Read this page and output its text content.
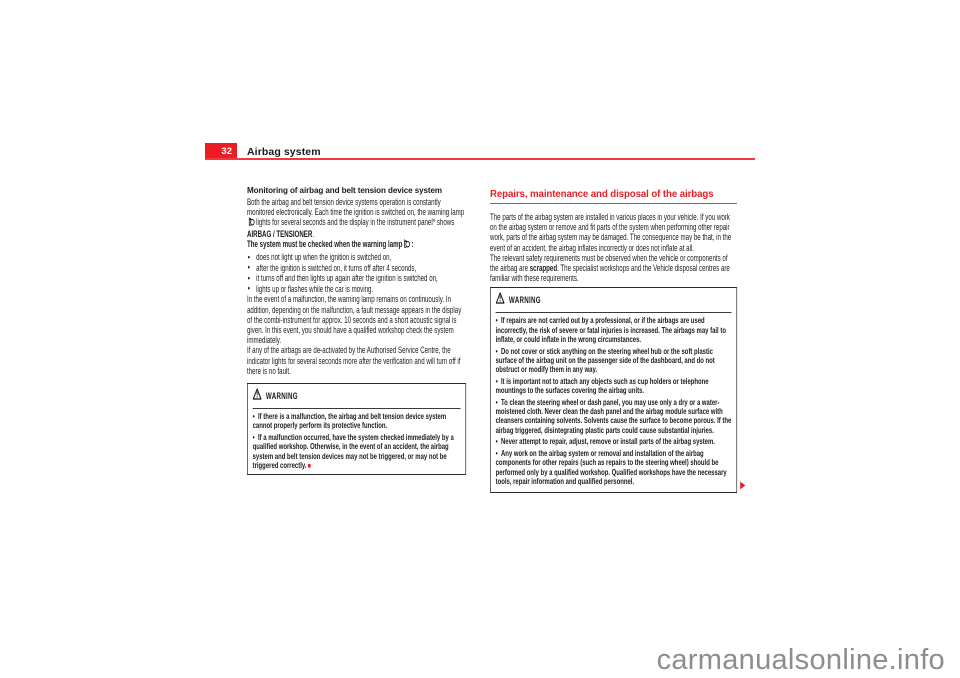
32	Airbag system
Monitoring of airbag and belt tension device system

Both the airbag and belt tension device systems operation is constantly monitored electronically. Each time the ignition is switched on, the warning lamplights for several seconds and the display in the instrument panel* shows AIRBAG / TENSIONER.

The system must be checked when the warning lamp :

• does not light up when the ignition is switched on,
• after the ignition is switched on, it turns off after 4 seconds,
• it turns off and then lights up again after the ignition is switched on,
• lights up or flashes while the car is moving.

In the event of a malfunction, the warning lamp remains on continuously. In addition, depending on the malfunction, a fault message appears in the display of the combi-instrument for approx. 10 seconds and a short acoustic signal is given. In this event, you should have a qualified workshop check the system immediately.

If any of the airbags are de-activated by the Authorised Service Centre, the indicator lights for several seconds more after the verification and will turn off if there is no fault.

WARNING

•  If there is a malfunction, the airbag and belt tension device system cannot properly perform its protective function.

•  If a malfunction occurred, have the system checked immediately by a qualified workshop. Otherwise, in the event of an accident, the airbag system and belt tension devices may not be triggered, or may not be triggered correctly.■

Repairs, maintenance and disposal of the airbags

The parts of the airbag system are installed in various places in your vehicle. If you work on the airbag system or remove and fit parts of the system when performing other repair work, parts of the airbag system may be damaged. The consequence may be that, in the event of an accident, the airbag inflates incorrectly or does not inflate at all.

The relevant safety requirements must be observed when the vehicle or components of the airbag are scrapped. The specialist workshops and the Vehicle disposal centres are familiar with these requirements.

WARNING

•  If repairs are not carried out by a professional, or if the airbags are used incorrectly, the risk of severe or fatal injuries is increased. The airbags may fail to inflate, or could inflate in the wrong circumstances.

•  Do not cover or stick anything on the steering wheel hub or the soft plastic surface of the airbag unit on the passenger side of the dashboard, and do not obstruct or modify them in any way.

•  It is important not to attach any objects such as cup holders or telephone mountings to the surfaces covering the airbag units.

•  To clean the steering wheel or dash panel, you may use only a dry or a water-moistened cloth. Never clean the dash panel and the airbag module surface with cleansers containing solvents. Solvents cause the surface to become porous. If the airbag triggered, disintegrating plastic parts could cause substantial injuries.

•  Never attempt to repair, adjust, remove or install parts of the airbag system.

•  Any work on the airbag system or removal and installation of the airbag components for other repairs (such as repairs to the steering wheel) should be performed only by a qualified workshop. Qualified workshops have the necessary tools, repair information and qualified personnel.	▶
carmanualsonline.info
